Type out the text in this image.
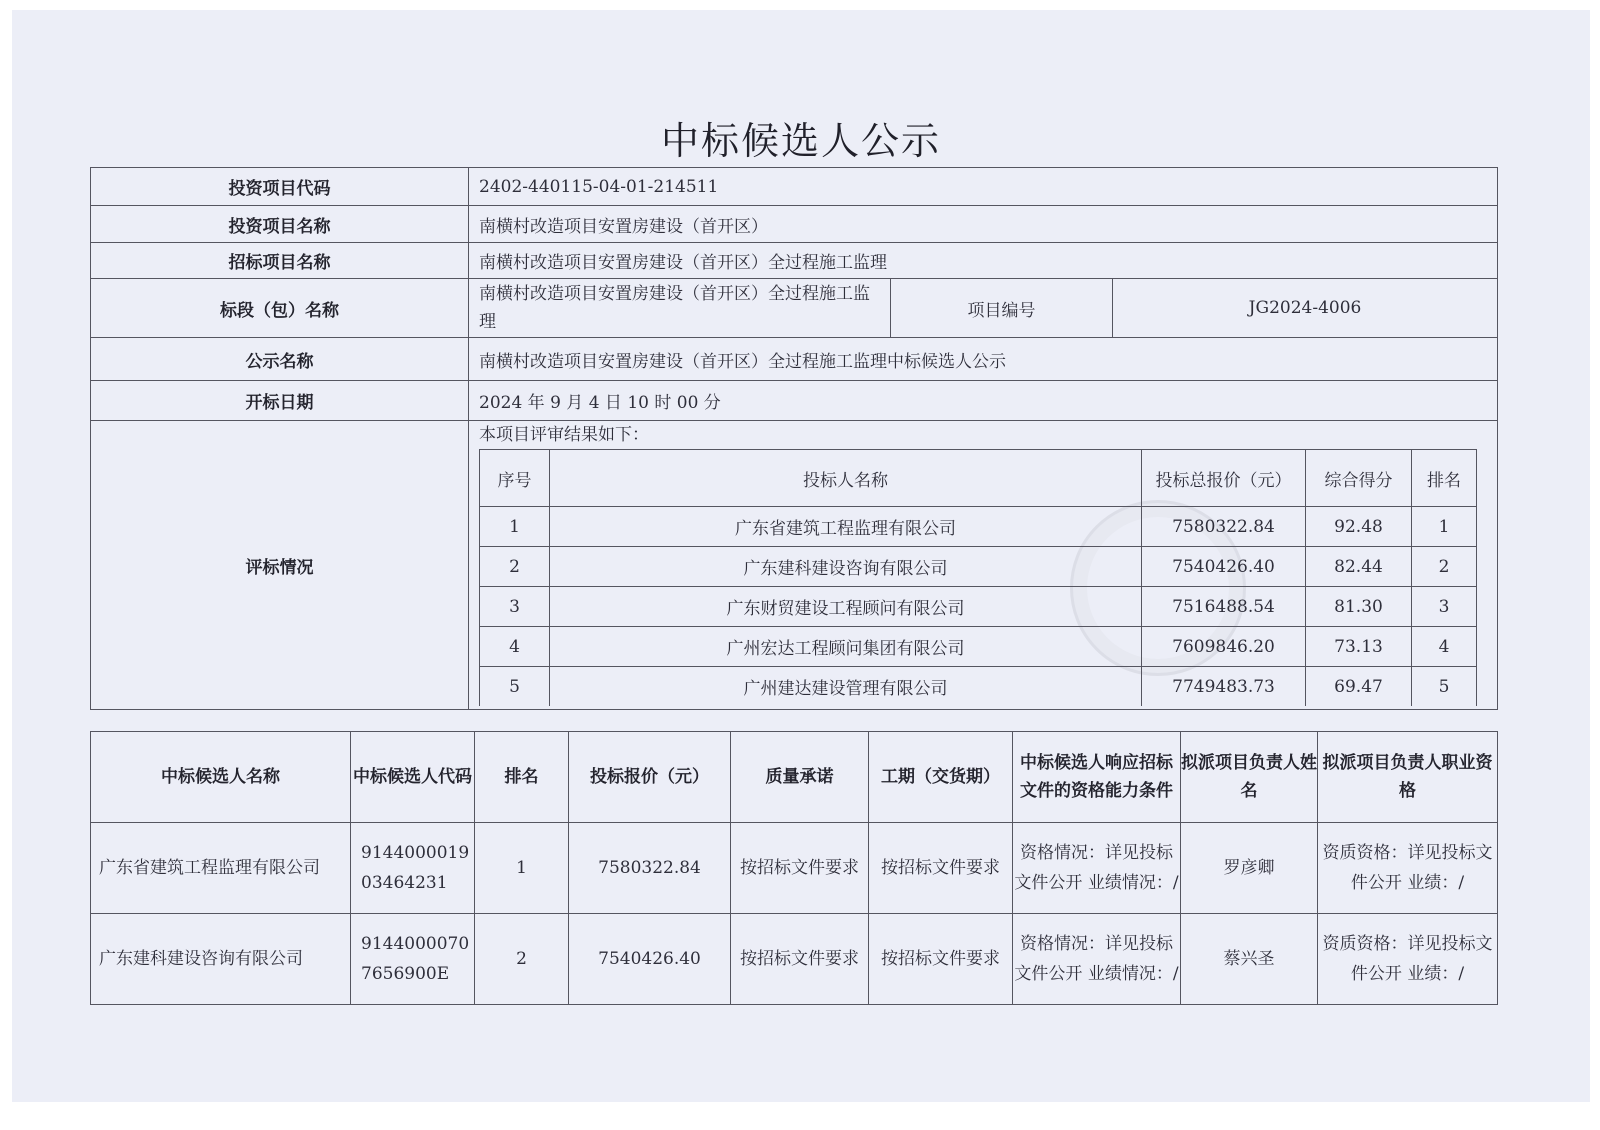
中标候选人公示
投资项目代码	2402-440115-04-01-214511
投资项目名称	南横村改造项目安置房建设（首开区）
招标项目名称	南横村改造项目安置房建设（首开区）全过程施工监理
标段（包）名称	南横村改造项目安置房建设（首开区）全过程施工监理	项目编号	JG2024-4006
公示名称	南横村改造项目安置房建设（首开区）全过程施工监理中标候选人公示
开标日期	2024 年 9 月 4 日 10 时 00 分
评标情况	
本项目评审结果如下：
序号	投标人名称	投标总报价（元）	综合得分	排名
1	广东省建筑工程监理有限公司	7580322.84	92.48	1
2	广东建科建设咨询有限公司	7540426.40	82.44	2
3	广东财贸建设工程顾问有限公司	7516488.54	81.30	3
4	广州宏达工程顾问集团有限公司	7609846.20	73.13	4
5	广州建达建设管理有限公司	7749483.73	69.47	5
中标候选人名称	中标候选人代码	排名	投标报价（元）	质量承诺	工期（交货期）	中标候选人响应招标文件的资格能力条件	拟派项目负责人姓名	拟派项目负责人职业资格
广东省建筑工程监理有限公司	914400001903464231	1	7580322.84	按招标文件要求	按招标文件要求	资格情况：详见投标文件公开 业绩情况：/	罗彦卿	资质资格：详见投标文件公开 业绩：/
广东建科建设咨询有限公司	91440000707656900E	2	7540426.40	按招标文件要求	按招标文件要求	资格情况：详见投标文件公开 业绩情况：/	蔡兴圣	资质资格：详见投标文件公开 业绩：/
